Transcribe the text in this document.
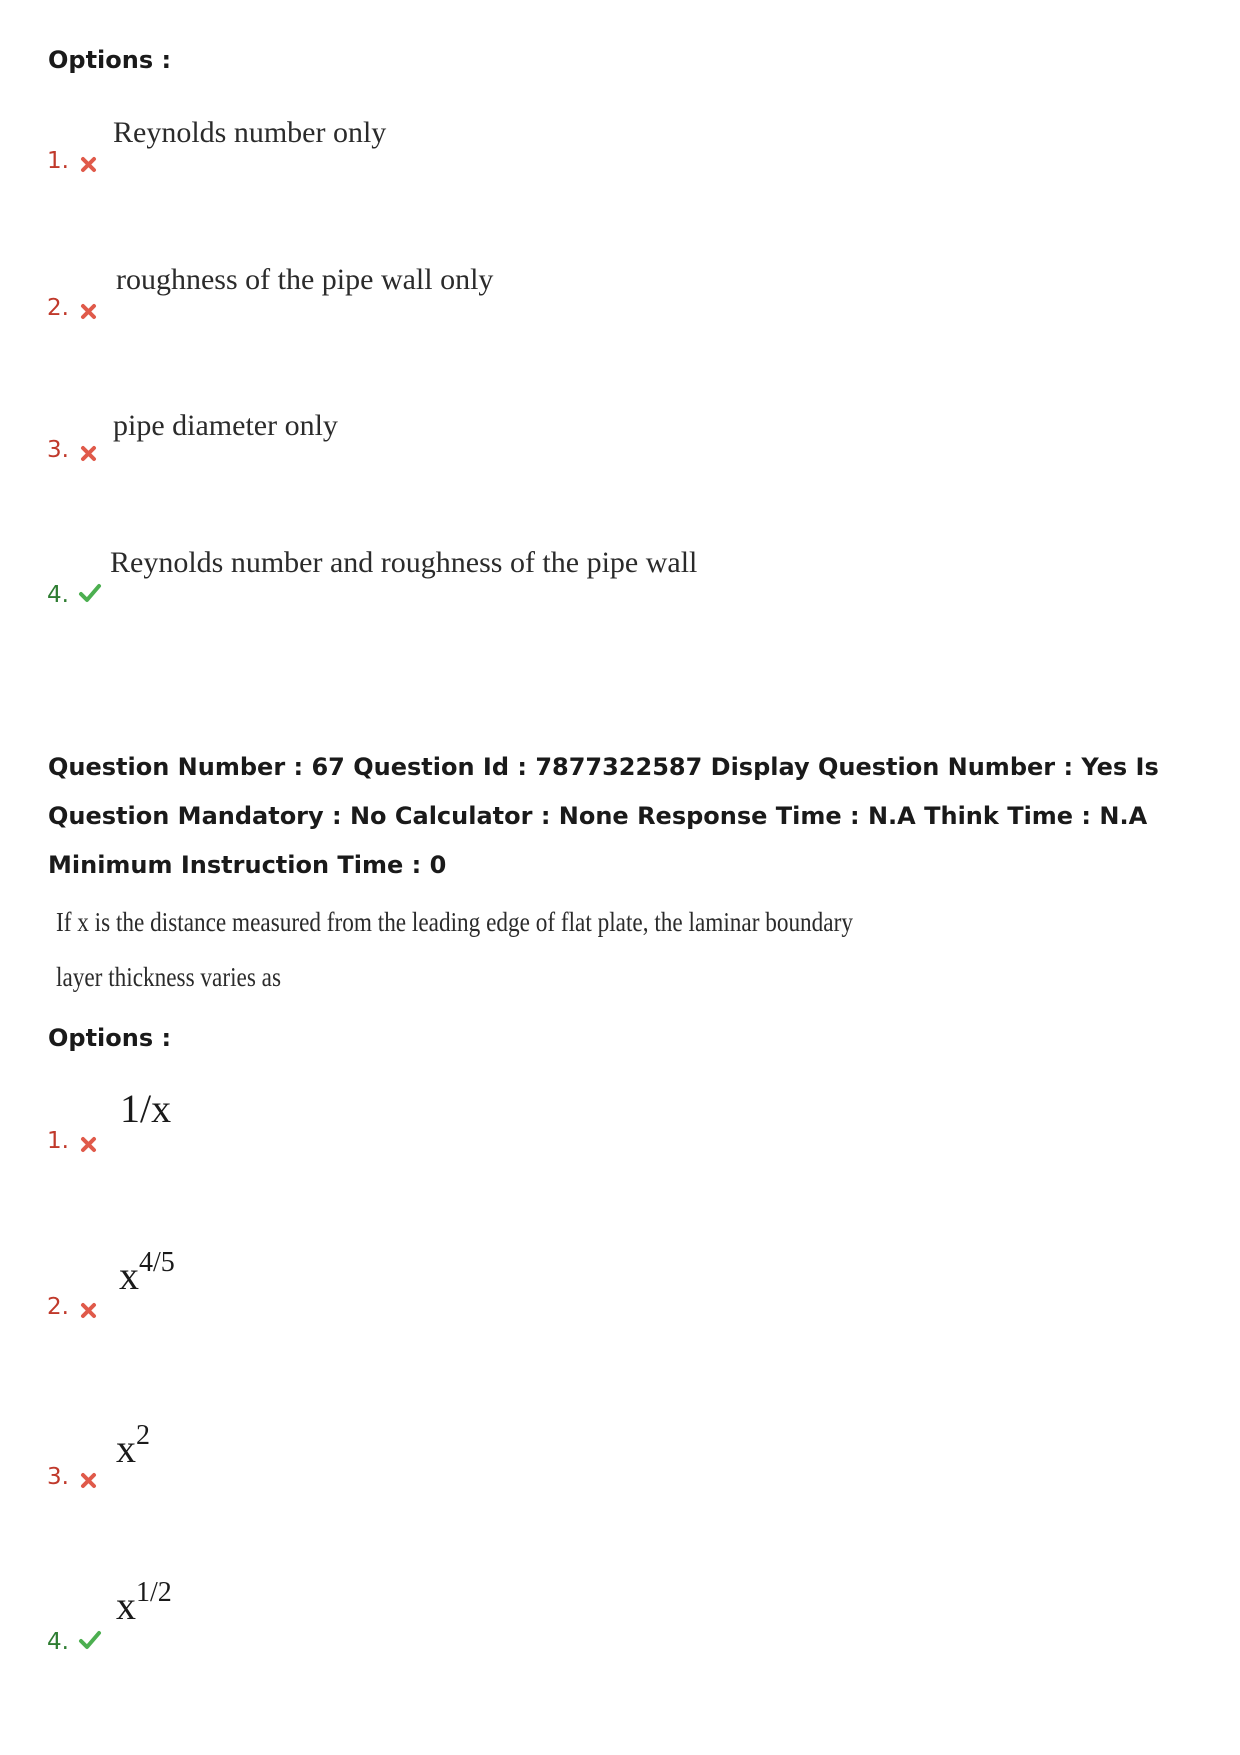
Options :
1.
Reynolds number only
2.
roughness of the pipe wall only
3.
pipe diameter only
4.
Reynolds number and roughness of the pipe wall
Question Number : 67 Question Id : 7877322587 Display Question Number : Yes Is Question Mandatory : No Calculator : None Response Time : N.A Think Time : N.A Minimum Instruction Time : 0
If x is the distance measured from the leading edge of flat plate, the laminar boundary
layer thickness varies as
Options :
1.
1/x
2.
x4/5
3.
x2
4.
x1/2
